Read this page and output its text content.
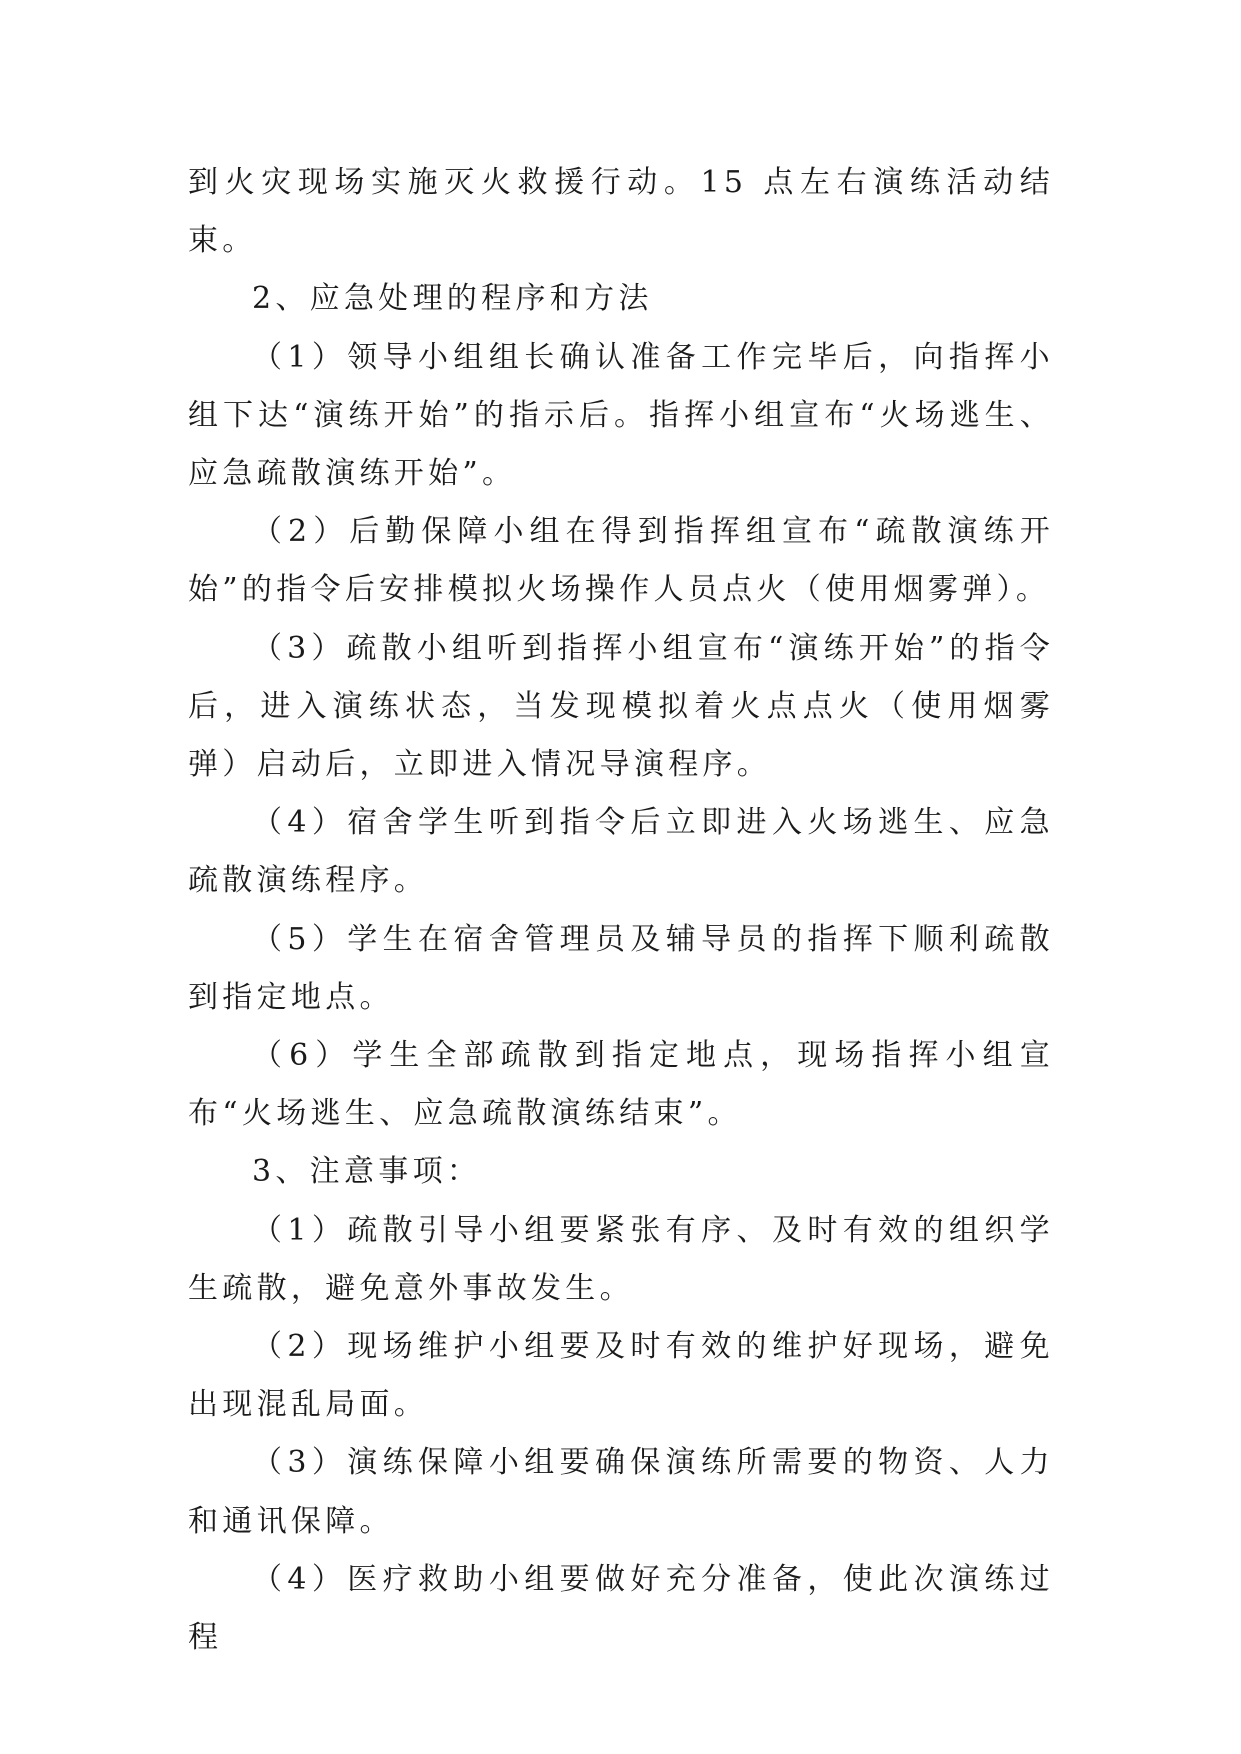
到火灾现场实施灭火救援行动。15 点左右演练活动结束。

2、应急处理的程序和方法

（1）领导小组组长确认准备工作完毕后，向指挥小组下达“演练开始”的指示后。指挥小组宣布“火场逃生、应急疏散演练开始”。

（2）后勤保障小组在得到指挥组宣布“疏散演练开始”的指令后安排模拟火场操作人员点火（使用烟雾弹）。

（3）疏散小组听到指挥小组宣布“演练开始”的指令后，进入演练状态，当发现模拟着火点点火（使用烟雾弹）启动后，立即进入情况导演程序。

（4）宿舍学生听到指令后立即进入火场逃生、应急疏散演练程序。

（5）学生在宿舍管理员及辅导员的指挥下顺利疏散到指定地点。

（6）学生全部疏散到指定地点，现场指挥小组宣布“火场逃生、应急疏散演练结束”。

3、注意事项：

（1）疏散引导小组要紧张有序、及时有效的组织学生疏散，避免意外事故发生。

（2）现场维护小组要及时有效的维护好现场，避免出现混乱局面。

（3）演练保障小组要确保演练所需要的物资、人力和通讯保障。

（4）医疗救助小组要做好充分准备，使此次演练过程
